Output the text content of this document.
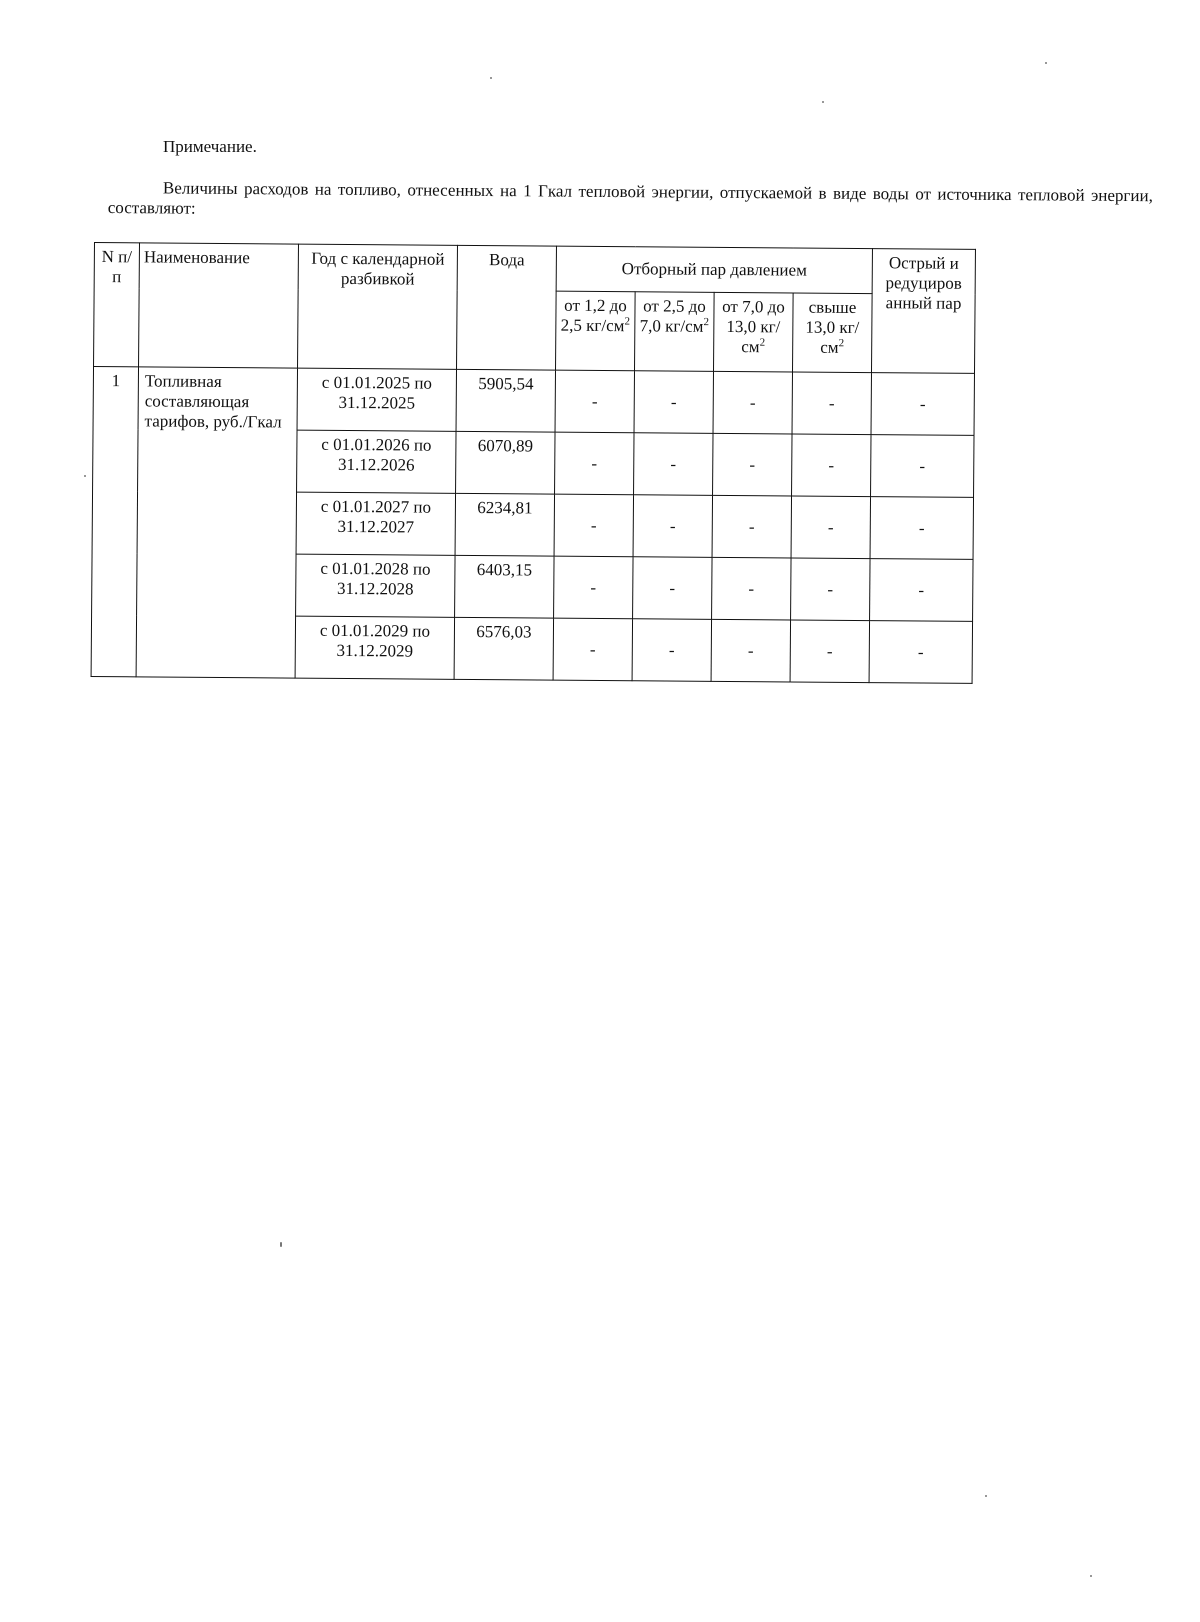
Примечание.
Величины расходов на топливо, отнесенных на 1 Гкал тепловой энергии, отпускаемой в виде воды от источника тепловой энергии, составляют:
N п/п	Наименование	Год с календарной разбивкой	Вода	Отборный пар давлением				Острый и редуциров анный пар
				от 1,2 до 2,5 $кг/см^2$	от 2,5 до 7,0 $кг/см^2$	от 7,0 до 13,0 $кг/см^2$	свыше 13,0 $кг/см^2$
1	Топливная составляющая тарифов, руб./Гкал	с 01.01.2025 по 31.12.2025	5905,54	-	-	-	-	-
		с 01.01.2026 по 31.12.2026	6070,89	-	-	-	-	-
		с 01.01.2027 по 31.12.2027	6234,81	-	-	-	-	-
		с 01.01.2028 по 31.12.2028	6403,15	-	-	-	-	-
		с 01.01.2029 по 31.12.2029	6576,03	-	-	-	-	-
